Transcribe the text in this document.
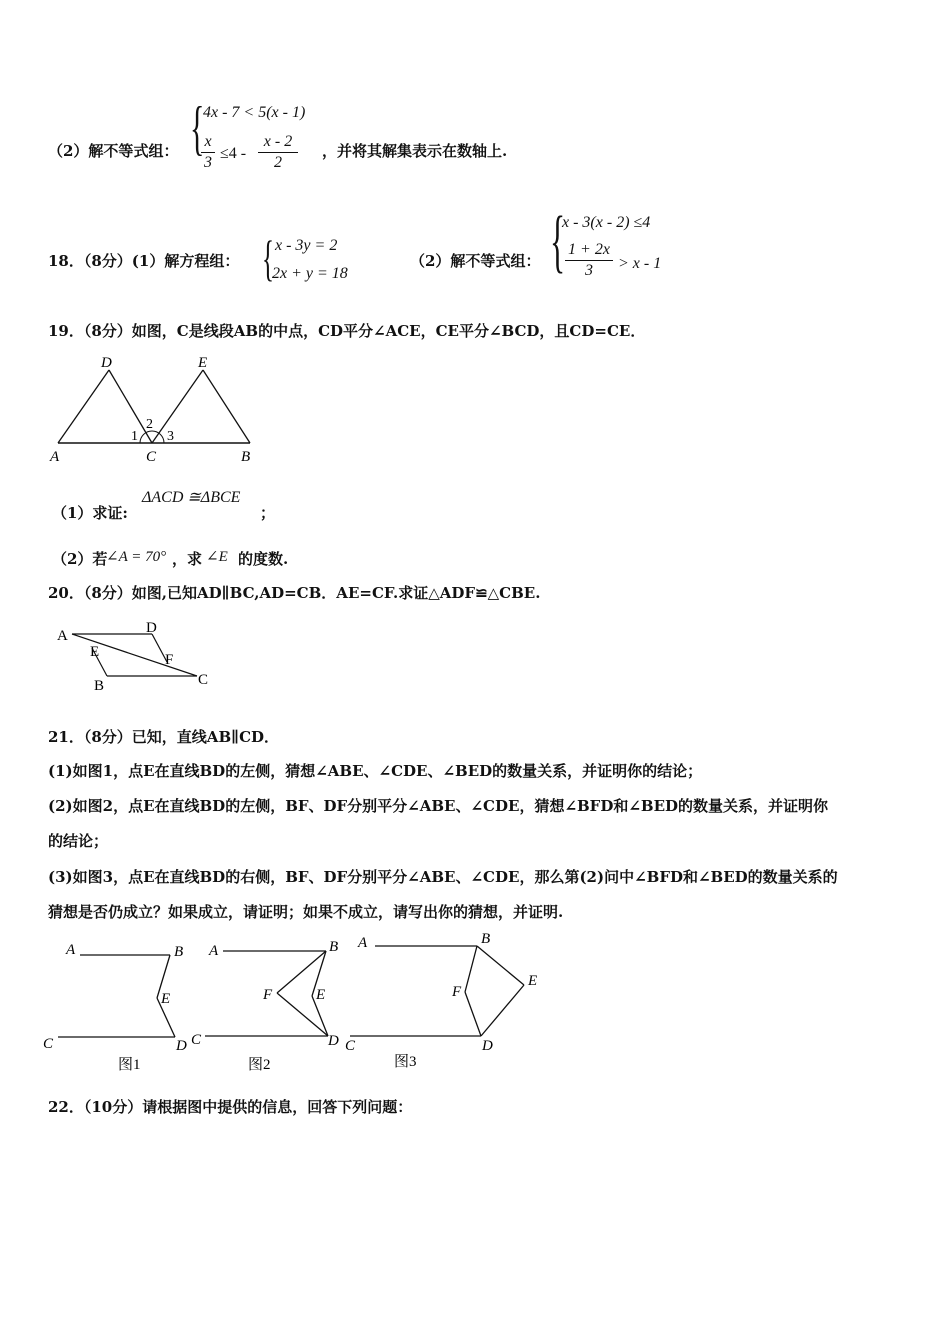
（2）解不等式组： {
4x - 7 < 5(x - 1)
x
3
≤4 -
x - 2
2
，并将其解集表示在数轴上.
18．（8分）(1）解方程组： { x - 3y = 2
2x + y = 18
（2）解不等式组： {
x - 3(x - 2) ≤4
1 + 2x
3	> x - 1
19．（8分）如图，C是线段AB的中点，CD平分∠ACE，CE平分∠BCD，且CD=CE．
D	E
A	C	B
1
2
3
（1）求证:
ΔACD ≅ΔBCE
；
（2）若
∠A = 70° ，求 ∠E 的度数.
20．（8分）如图,已知AD∥BC,AD=CB．AE=CF.求证△ADF≌△CBE.
A	D
E	F
B	C
21．（8分）已知，直线AB∥CD．
(1)如图1，点E在直线BD的左侧，猜想∠ABE、∠CDE、∠BED的数量关系，并证明你的结论；
(2)如图2，点E在直线BD的左侧，BF、DF分别平分∠ABE、∠CDE，猜想∠BFD和∠BED的数量关系，并证明你
的结论；
(3)如图3，点E在直线BD的右侧，BF、DF分别平分∠ABE、∠CDE，那么第(2)问中∠BFD和∠BED的数量关系的
猜想是否仍成立？如果成立，请证明；如果不成立，请写出你的猜想，并证明.
A	B
E
C	D
图1
A	B
F	E
C	D
图2
A	B
E
F
C	D
图3
22．（10分）请根据图中提供的信息，回答下列问题：
